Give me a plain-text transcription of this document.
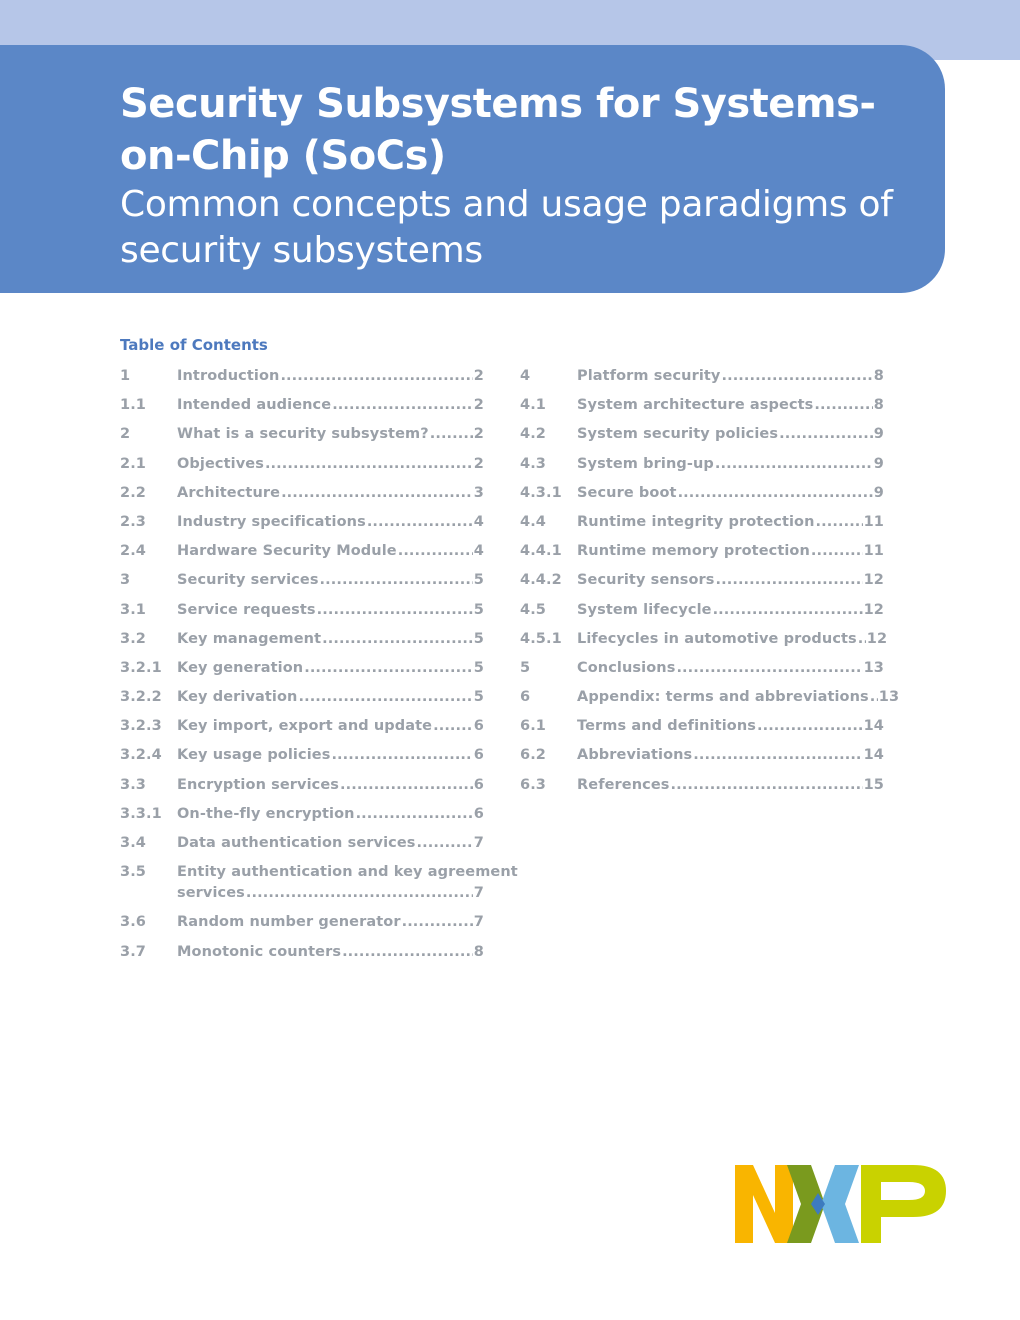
Security Subsystems for Systems-on-Chip (SoCs)
Common concepts and usage paradigms of security subsystems
Table of Contents
1	Introduction .....	2
1.1	Intended audience .....	2
2	What is a security subsystem? .....	2
2.1	Objectives .....	2
2.2	Architecture .....	3
2.3	Industry specifications .....	4
2.4	Hardware Security Module .....	4
3	Security services .....	5
3.1	Service requests .....	5
3.2	Key management .....	5
3.2.1	Key generation .....	5
3.2.2	Key derivation .....	5
3.2.3	Key import, export and update .....	6
3.2.4	Key usage policies .....	6
3.3	Encryption services .....	6
3.3.1	On-the-fly encryption .....	6
3.4	Data authentication services .....	7
3.5	Entity authentication and key agreement
services .....	7
3.6	Random number generator .....	7
3.7	Monotonic counters .....	8
4	Platform security .....	8
4.1	System architecture aspects .....	8
4.2	System security policies .....	9
4.3	System bring-up .....	9
4.3.1	Secure boot .....	9
4.4	Runtime integrity protection .....	11
4.4.1	Runtime memory protection .....	11
4.4.2	Security sensors .....	12
4.5	System lifecycle .....	12
4.5.1	Lifecycles in automotive products ..... 12
5	Conclusions .....	13
6	Appendix: terms and abbreviations ..... 13
6.1	Terms and definitions .....	14
6.2	Abbreviations .....	14
6.3	References .....	15
